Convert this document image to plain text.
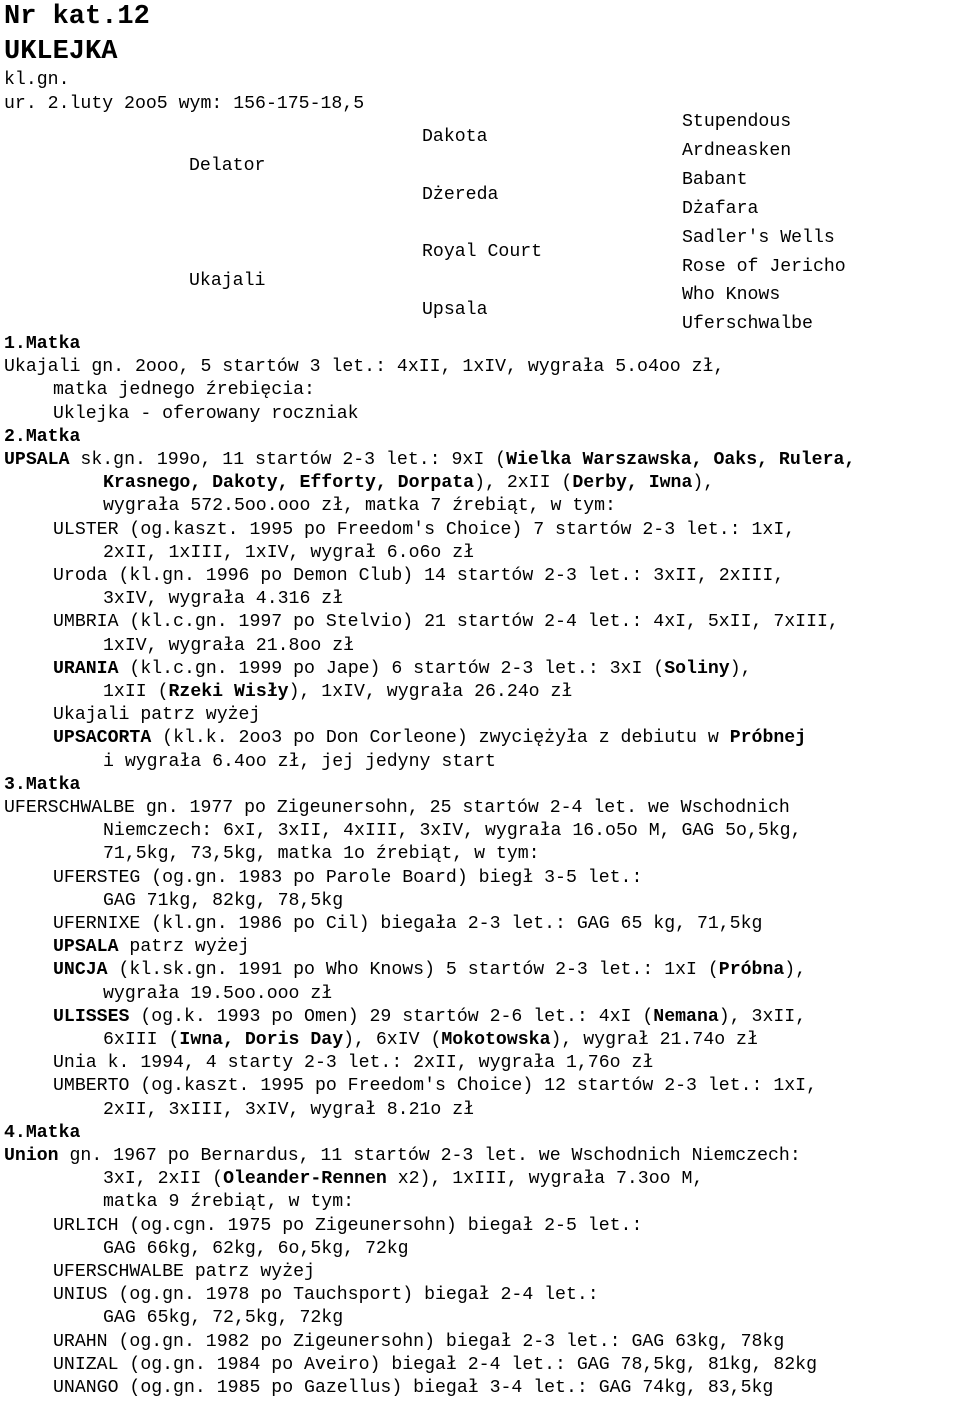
Nr kat.12
UKLEJKA
kl.gn.
ur. 2.luty 2oo5 wym: 156-175-18,5
Delator
Dakota
Dżereda
Stupendous
Ardneasken
Babant
Dżafara
Ukajali
Royal Court
Upsala
Sadler's Wells
Rose of Jericho
Who Knows
Uferschwalbe
1.Matka
Ukajali gn. 2ooo, 5 startów 3 let.: 4xII, 1xIV, wygrała 5.o4oo zł,
matka jednego źrebięcia:
Uklejka - oferowany roczniak
2.Matka
UPSALA sk.gn. 199o, 11 startów 2-3 let.: 9xI (Wielka Warszawska, Oaks, Rulera,
Krasnego, Dakoty, Efforty, Dorpata), 2xII (Derby, Iwna),
wygrała 572.5oo.ooo zł, matka 7 źrebiąt, w tym:
ULSTER (og.kaszt. 1995 po Freedom's Choice) 7 startów 2-3 let.: 1xI,
2xII, 1xIII, 1xIV, wygrał 6.o6o zł
Uroda (kl.gn. 1996 po Demon Club) 14 startów 2-3 let.: 3xII, 2xIII,
3xIV, wygrała 4.316 zł
UMBRIA (kl.c.gn. 1997 po Stelvio) 21 startów 2-4 let.: 4xI, 5xII, 7xIII,
1xIV, wygrała 21.8oo zł
URANIA (kl.c.gn. 1999 po Jape) 6 startów 2-3 let.: 3xI (Soliny),
1xII (Rzeki Wisły), 1xIV, wygrała 26.24o zł
Ukajali patrz wyżej
UPSACORTA (kl.k. 2oo3 po Don Corleone) zwyciężyła z debiutu w Próbnej
i wygrała 6.4oo zł, jej jedyny start
3.Matka
UFERSCHWALBE gn. 1977 po Zigeunersohn, 25 startów 2-4 let. we Wschodnich
Niemczech: 6xI, 3xII, 4xIII, 3xIV, wygrała 16.o5o M, GAG 5o,5kg,
71,5kg, 73,5kg, matka 1o źrebiąt, w tym:
UFERSTEG (og.gn. 1983 po Parole Board) biegł 3-5 let.:
GAG 71kg, 82kg, 78,5kg
UFERNIXE (kl.gn. 1986 po Cil) biegała 2-3 let.: GAG 65 kg, 71,5kg
UPSALA patrz wyżej
UNCJA (kl.sk.gn. 1991 po Who Knows) 5 startów 2-3 let.: 1xI (Próbna),
wygrała 19.5oo.ooo zł
ULISSES (og.k. 1993 po Omen) 29 startów 2-6 let.: 4xI (Nemana), 3xII,
6xIII (Iwna, Doris Day), 6xIV (Mokotowska), wygrał 21.74o zł
Unia k. 1994, 4 starty 2-3 let.: 2xII, wygrała 1,76o zł
UMBERTO (og.kaszt. 1995 po Freedom's Choice) 12 startów 2-3 let.: 1xI,
2xII, 3xIII, 3xIV, wygrał 8.21o zł
4.Matka
Union gn. 1967 po Bernardus, 11 startów 2-3 let. we Wschodnich Niemczech:
3xI, 2xII (Oleander-Rennen x2), 1xIII, wygrała 7.3oo M,
matka 9 źrebiąt, w tym:
URLICH (og.cgn. 1975 po Zigeunersohn) biegał 2-5 let.:
GAG 66kg, 62kg, 6o,5kg, 72kg
UFERSCHWALBE patrz wyżej
UNIUS (og.gn. 1978 po Tauchsport) biegał 2-4 let.:
GAG 65kg, 72,5kg, 72kg
URAHN (og.gn. 1982 po Zigeunersohn) biegał 2-3 let.: GAG 63kg, 78kg
UNIZAL (og.gn. 1984 po Aveiro) biegał 2-4 let.: GAG 78,5kg, 81kg, 82kg
UNANGO (og.gn. 1985 po Gazellus) biegał 3-4 let.: GAG 74kg, 83,5kg
